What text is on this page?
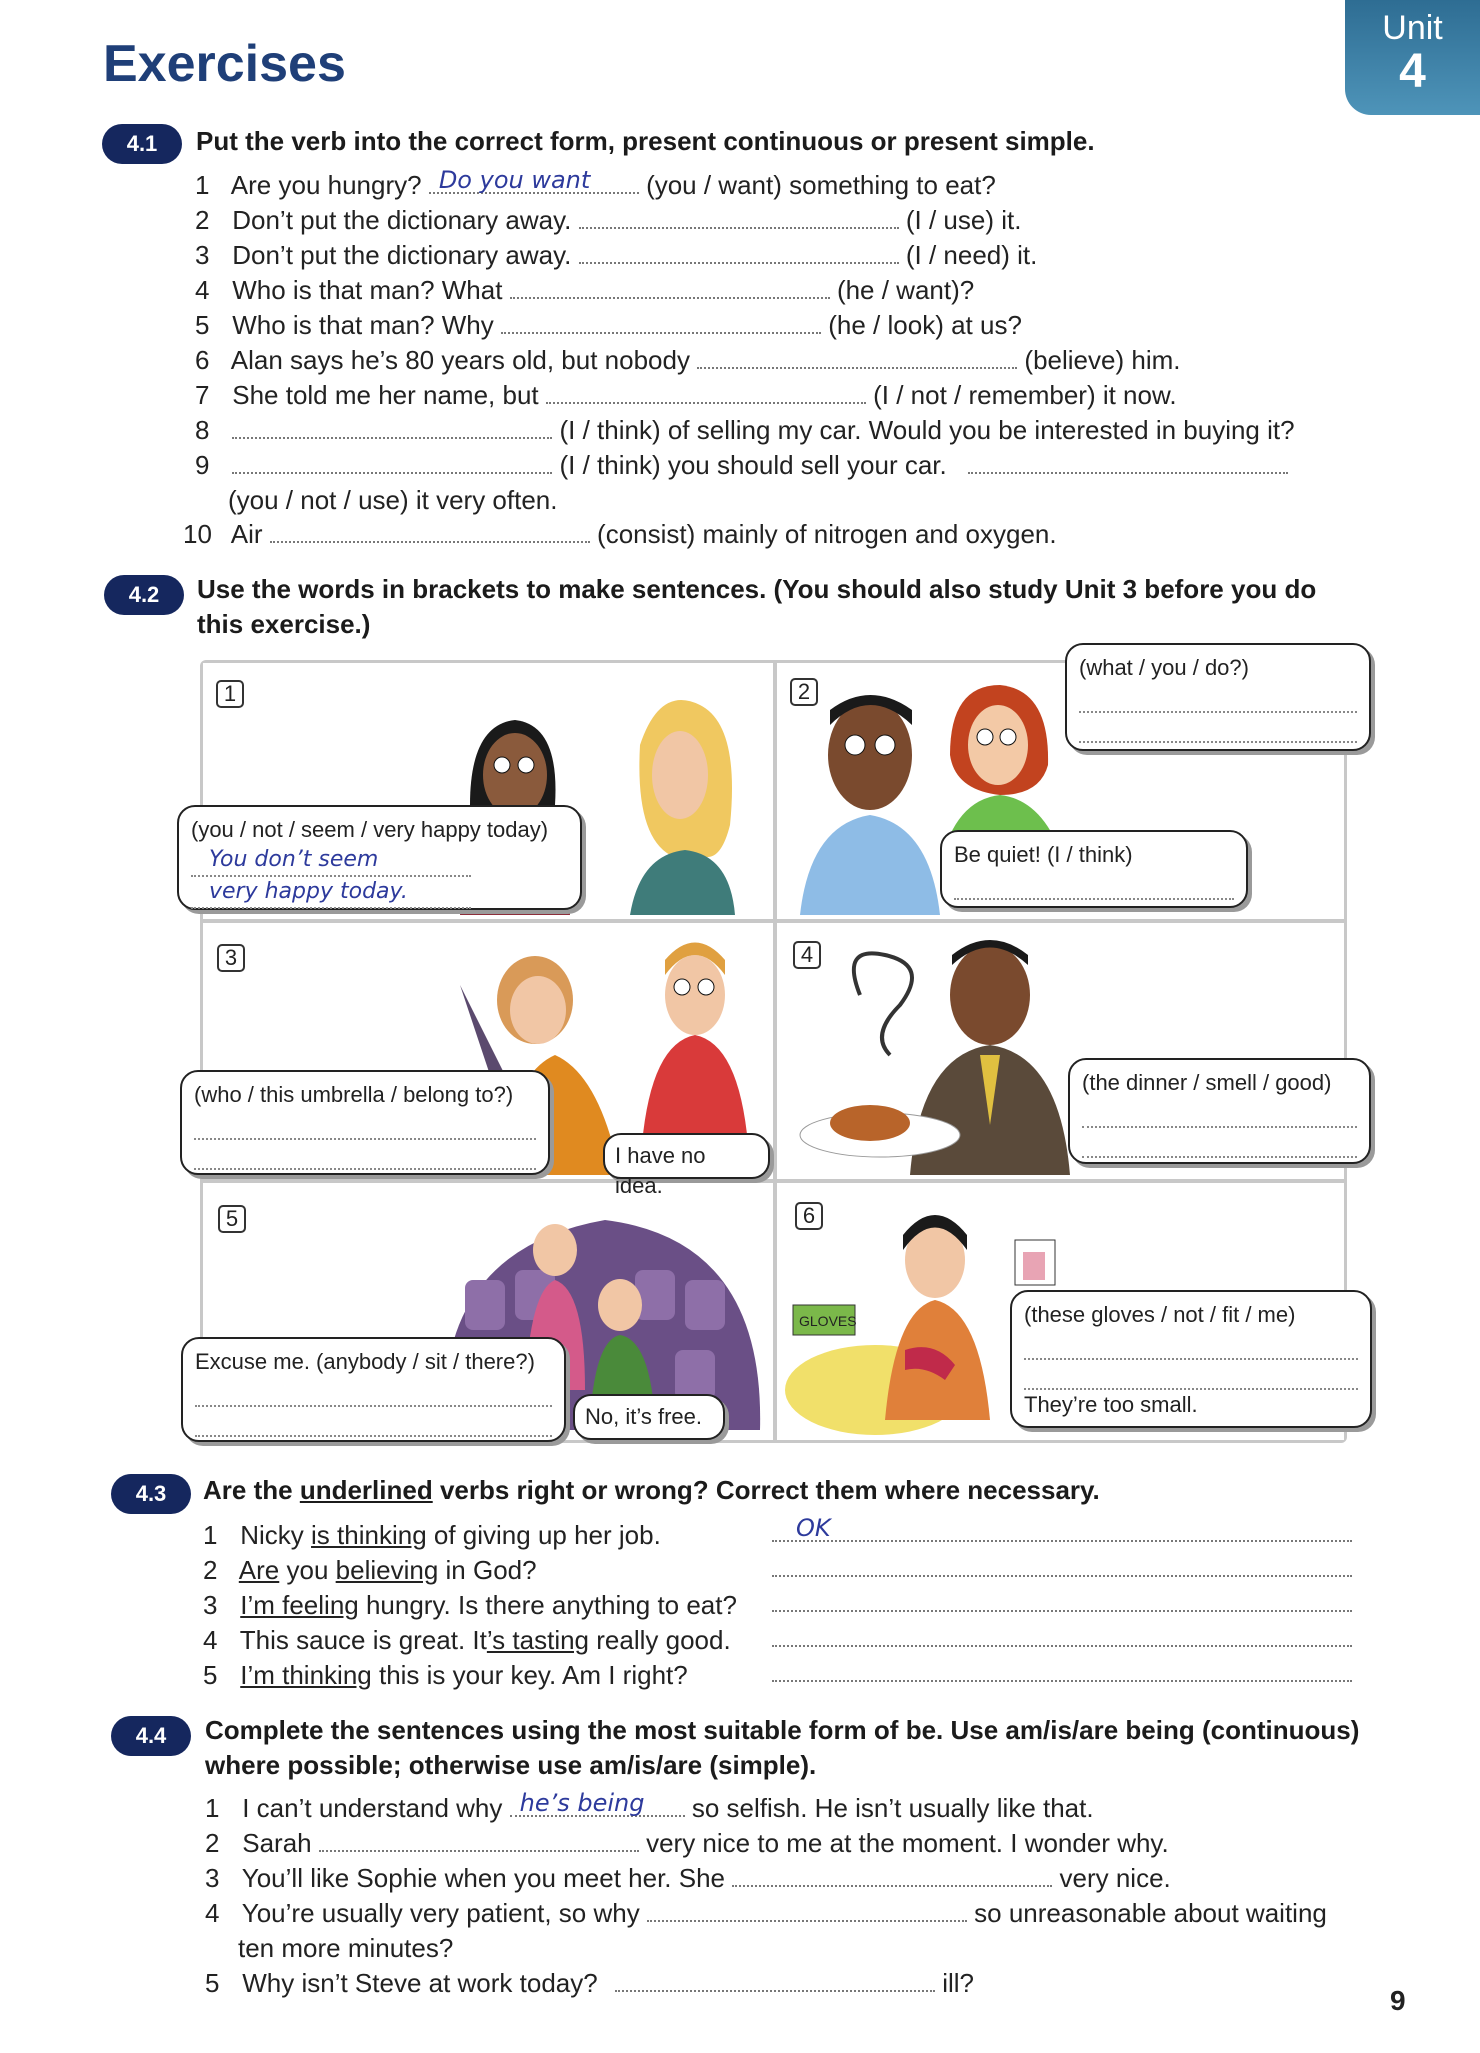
Unit
4
Exercises
4.1	Put the verb into the correct form, present continuous or present simple.
1 Are you hungry? Do you want (you / want) something to eat?
2 Don’t put the dictionary away.	(I / use) it.
3 Don’t put the dictionary away.	(I / need) it.
4 Who is that man? What	(he / want)?
5 Who is that man? Why	(he / look) at us?
6 Alan says he’s 80 years old, but nobody	(believe) him.
7 She told me her name, but	(I / not / remember) it now.
8	(I / think) of selling my car. Would you be interested in buying it?
9	(I / think) you should sell your car.
(you / not / use) it very often.
10 Air	(consist) mainly of nitrogen and oxygen.
4.2	Use the words in brackets to make sentences. (You should also study Unit 3 before you do
this exercise.)
1	2
3	4
5	6
(you / not / seem / very happy today)
You don’t seem
very happy today.
(what / you / do?)
Be quiet! (I / think)
(who / this umbrella / belong to?)
I have no idea.
(the dinner / smell / good)
Excuse me. (anybody / sit / there?)
No, it’s free.
GLOVES	(these gloves / not / fit / me)
They’re too small.
4.3	Are the underlined verbs right or wrong? Correct them where necessary.
1 Nicky is thinking of giving up her job.
2 Are you believing in God?
3 I’m feeling hungry. Is there anything to eat?
4 This sauce is great. It’s tasting really good.
5 I’m thinking this is your key. Am I right?
OK
4.4	Complete the sentences using the most suitable form of be. Use am/is/are being (continuous)
where possible; otherwise use am/is/are (simple).
1 I can’t understand why he’s being so selfish. He isn’t usually like that.
2 Sarah	very nice to me at the moment. I wonder why.
3 You’ll like Sophie when you meet her. She	very nice.
4 You’re usually very patient, so why	so unreasonable about waiting
ten more minutes?
5 Why isn’t Steve at work today?	ill?
9
